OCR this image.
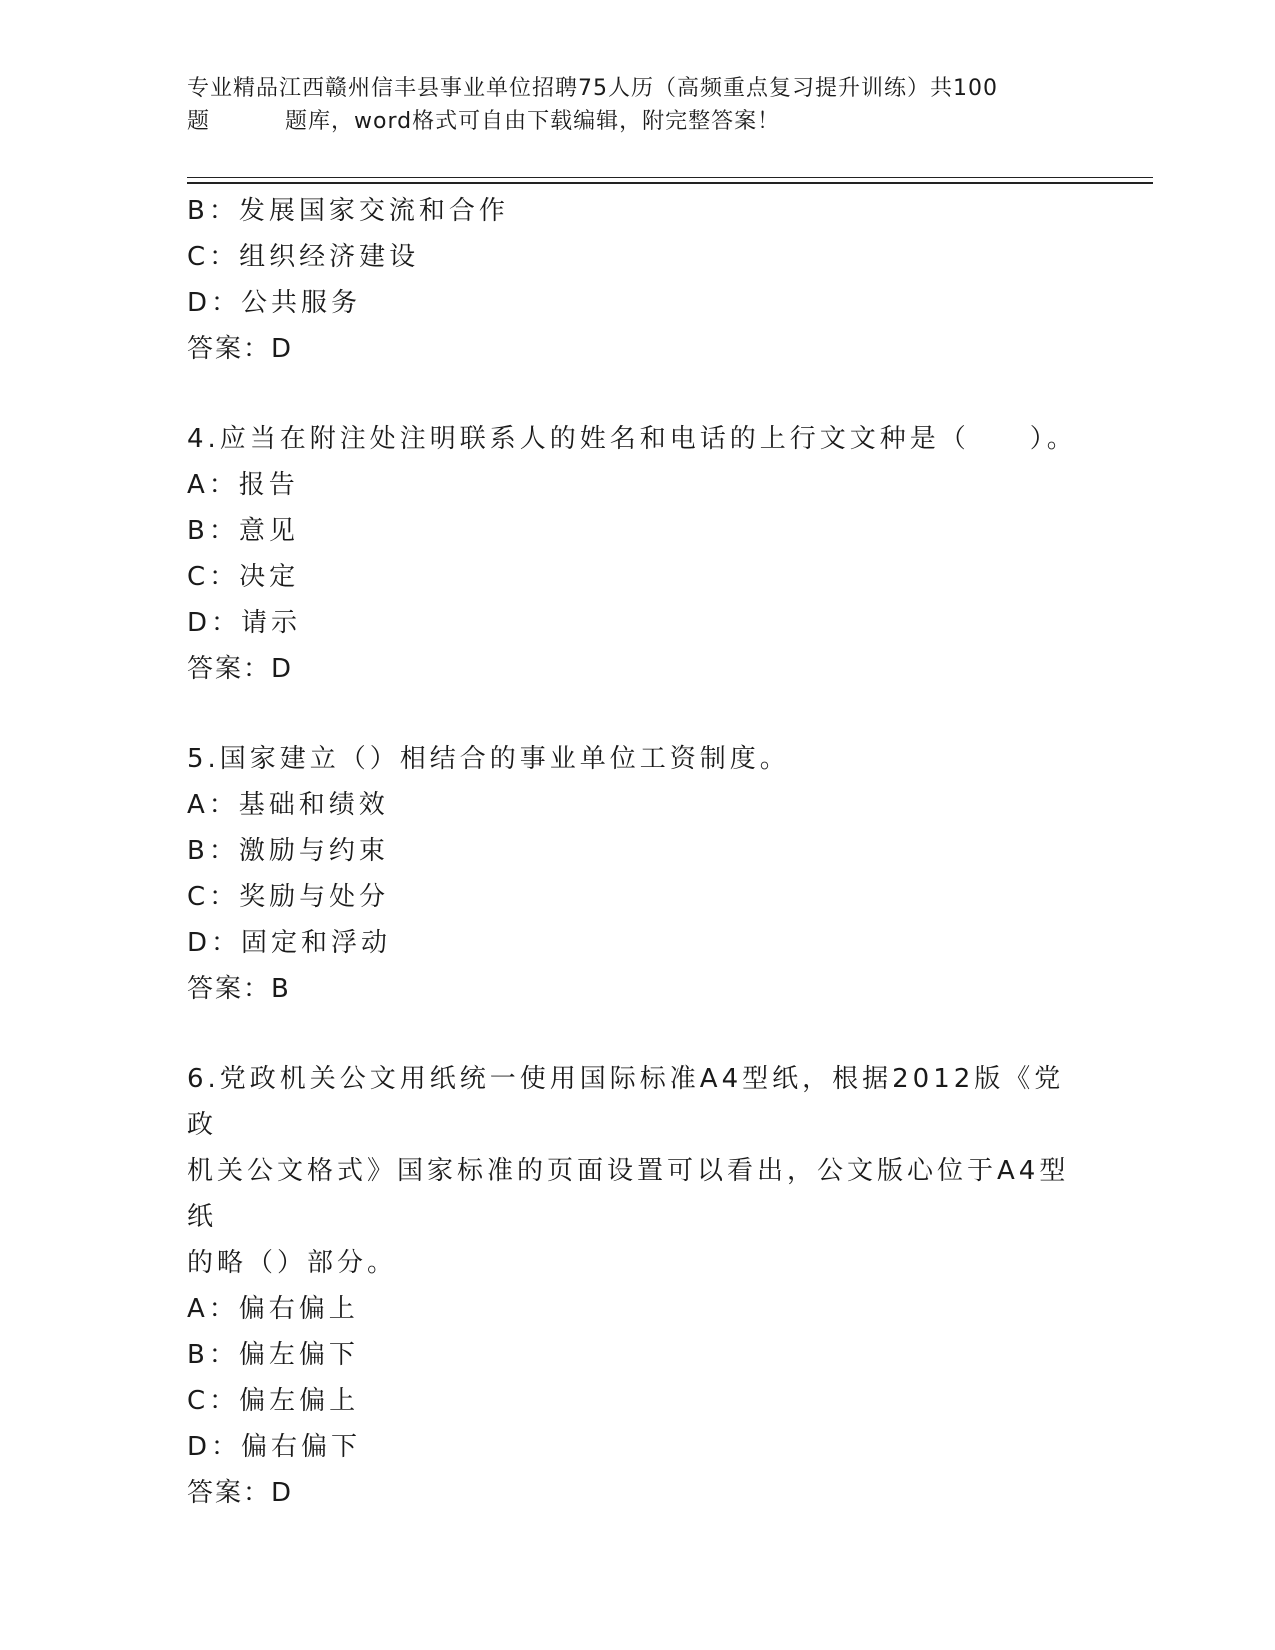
专业精品江西赣州信丰县事业单位招聘75人历（高频重点复习提升训练）共100
题	题库，word格式可自由下载编辑，附完整答案！
B：发展国家交流和合作
C：组织经济建设
D：公共服务
答案：D
4.应当在附注处注明联系人的姓名和电话的上行文文种是（　　）。
A：报告
B：意见
C：决定
D：请示
答案：D
5.国家建立（）相结合的事业单位工资制度。
A：基础和绩效
B：激励与约束
C：奖励与处分
D：固定和浮动
答案：B
6.党政机关公文用纸统一使用国际标准A4型纸，根据2012版《党政
机关公文格式》国家标准的页面设置可以看出，公文版心位于A4型纸
的略（）部分。
A：偏右偏上
B：偏左偏下
C：偏左偏上
D：偏右偏下
答案：D
